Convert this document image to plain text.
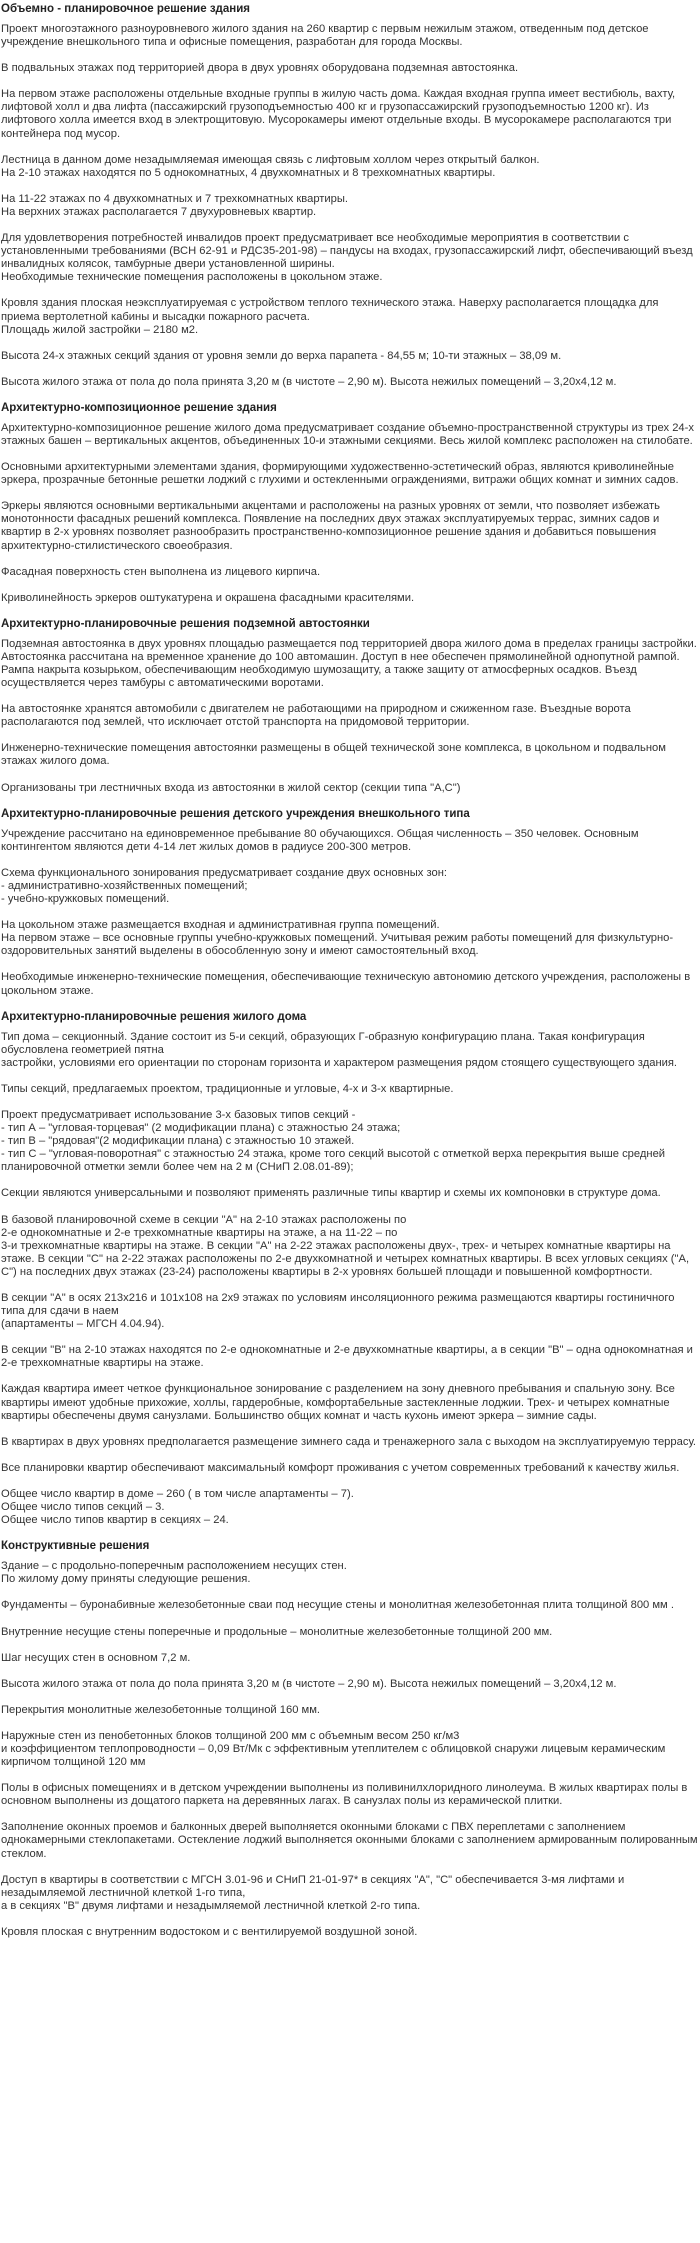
Объемно - планировочное решение здания

Проект многоэтажного разноуровневого жилого здания на 260 квартир с первым нежилым этажом, отведенным под детское учреждение внешкольного типа и офисные помещения, разработан для города Москвы.

В подвальных этажах под территорией двора в двух уровнях оборудована подземная автостоянка.

На первом этаже расположены отдельные входные группы в жилую часть дома. Каждая входная группа имеет вестибюль, вахту, лифтовой холл и два лифта (пассажирский грузоподъемностью 400 кг и грузопассажирский грузоподъемностью 1200 кг). Из лифтового холла имеется вход в электрощитовую. Мусорокамеры имеют отдельные входы. В мусорокамере располагаются три контейнера под мусор.

Лестница в данном доме незадымляемая имеющая связь с лифтовым холлом через открытый балкон.
На 2-10 этажах находятся по 5 однокомнатных, 4 двухкомнатных и 8 трехкомнатных квартиры.

На 11-22 этажах по 4 двухкомнатных и 7 трехкомнатных квартиры.
На верхних этажах располагается 7 двухуровневых квартир.

Для удовлетворения потребностей инвалидов проект предусматривает все необходимые мероприятия в соответствии с установленными требованиями (ВСН 62-91 и РДС35-201-98) – пандусы на входах, грузопассажирский лифт, обеспечивающий въезд инвалидных колясок, тамбурные двери установленной ширины.
Необходимые технические помещения расположены в цокольном этаже.

Кровля здания плоская неэксплуатируемая с устройством теплого технического этажа. Наверху располагается площадка для приема вертолетной кабины и высадки пожарного расчета.
Площадь жилой застройки – 2180 м2.

Высота 24-х этажных секций здания от уровня земли до верха парапета - 84,55 м; 10-ти этажных – 38,09 м.

Высота жилого этажа от пола до пола принята 3,20 м (в чистоте – 2,90 м). Высота нежилых помещений – 3,20х4,12 м.

Архитектурно-композиционное решение здания

Архитектурно-композиционное решение жилого дома предусматривает создание объемно-пространственной структуры из трех 24-х этажных башен – вертикальных акцентов, объединенных 10-и этажными секциями. Весь жилой комплекс расположен на стилобате.

Основными архитектурными элементами здания, формирующими художественно-эстетический образ, являются криволинейные эркера, прозрачные бетонные решетки лоджий с глухими и остекленными ограждениями, витражи общих комнат и зимних садов.

Эркеры являются основными вертикальными акцентами и расположены на разных уровнях от земли, что позволяет избежать монотонности фасадных решений комплекса. Появление на последних двух этажах эксплуатируемых террас, зимних садов и квартир в 2-х уровнях позволяет разнообразить пространственно-композиционное решение здания и добавиться повышения архитектурно-стилистического своеобразия.

Фасадная поверхность стен выполнена из лицевого кирпича.

Криволинейность эркеров оштукатурена и окрашена фасадными красителями.

Архитектурно-планировочные решения подземной автостоянки

Подземная автостоянка в двух уровнях площадью размещается под территорией двора жилого дома в пределах границы застройки. Автостоянка рассчитана на временное хранение до 100 автомашин. Доступ в нее обеспечен прямолинейной однопутной рампой.
Рампа накрыта козырьком, обеспечивающим необходимую шумозащиту, а также защиту от атмосферных осадков. Въезд осуществляется через тамбуры с автоматическими воротами.

На автостоянке хранятся автомобили с двигателем не работающими на природном и сжиженном газе. Въездные ворота располагаются под землей, что исключает отстой транспорта на придомовой территории.

Инженерно-технические помещения автостоянки размещены в общей технической зоне комплекса, в цокольном и подвальном этажах жилого дома.

Организованы три лестничных входа из автостоянки в жилой сектор (секции типа "А,С")

Архитектурно-планировочные решения детского учреждения внешкольного типа

Учреждение рассчитано на единовременное пребывание 80 обучающихся. Общая численность – 350 человек. Основным контингентом являются дети 4-14 лет жилых домов в радиусе 200-300 метров.

Схема функционального зонирования предусматривает создание двух основных зон:
- административно-хозяйственных помещений;
- учебно-кружковых помещений.

На цокольном этаже размещается входная и административная группа помещений.
На первом этаже – все основные группы учебно-кружковых помещений. Учитывая режим работы помещений для физкультурно-оздоровительных занятий выделены в обособленную зону и имеют самостоятельный вход.

Необходимые инженерно-технические помещения, обеспечивающие техническую автономию детского учреждения, расположены в цокольном этаже.

Архитектурно-планировочные решения жилого дома

Тип дома – секционный. Здание состоит из 5-и секций, образующих Г-образную конфигурацию плана. Такая конфигурация обусловлена геометрией пятна
застройки, условиями его ориентации по сторонам горизонта и характером размещения рядом стоящего существующего здания.

Типы секций, предлагаемых проектом, традиционные и угловые, 4-х и 3-х квартирные.

Проект предусматривает использование 3-х базовых типов секций -
- тип А – "угловая-торцевая" (2 модификации плана) с этажностью 24 этажа;
- тип В – "рядовая"(2 модификации плана) с этажностью 10 этажей.
- тип С – "угловая-поворотная" с этажностью 24 этажа, кроме того секций высотой с отметкой верха перекрытия выше средней планировочной отметки земли более чем на 2 м (СНиП 2.08.01-89);

Секции являются универсальными и позволяют применять различные типы квартир и схемы их компоновки в структуре дома.

В базовой планировочной схеме в секции "А" на 2-10 этажах расположены по
2-е однокомнатные и 2-е трехкомнатные квартиры на этаже, а на 11-22 – по
3-и трехкомнатные квартиры на этаже. В секции "А" на 2-22 этажах расположены двух-, трех- и четырех комнатные квартиры на этаже. В секции "С" на 2-22 этажах расположены по 2-е двухкомнатной и четырех комнатных квартиры. В всех угловых секциях ("А, С") на последних двух этажах (23-24) расположены квартиры в 2-х уровнях большей площади и повышенной комфортности.

В секции "А" в осях 213х216 и 101х108 на 2х9 этажах по условиям инсоляционного режима размещаются квартиры гостиничного типа для сдачи в наем
(апартаменты – МГСН 4.04.94).

В секции "В" на 2-10 этажах находятся по 2-е однокомнатные и 2-е двухкомнатные квартиры, а в секции "В" – одна однокомнатная и 2-е трехкомнатные квартиры на этаже.

Каждая квартира имеет четкое функциональное зонирование с разделением на зону дневного пребывания и спальную зону. Все квартиры имеют удобные прихожие, холлы, гардеробные, комфортабельные застекленные лоджии. Трех- и четырех комнатные квартиры обеспечены двумя санузлами. Большинство общих комнат и часть кухонь имеют эркера – зимние сады.

В квартирах в двух уровнях предполагается размещение зимнего сада и тренажерного зала с выходом на эксплуатируемую террасу.

Все планировки квартир обеспечивают максимальный комфорт проживания с учетом современных требований к качеству жилья.

Общее число квартир в доме – 260 ( в том числе апартаменты – 7).
Общее число типов секций – 3.
Общее число типов квартир в секциях – 24.

Конструктивные решения

Здание – с продольно-поперечным расположением несущих стен.
По жилому дому приняты следующие решения.

Фундаменты – буронабивные железобетонные сваи под несущие стены и монолитная железобетонная плита толщиной 800 мм .

Внутренние несущие стены поперечные и продольные – монолитные железобетонные толщиной 200 мм.

Шаг несущих стен в основном 7,2 м.

Высота жилого этажа от пола до пола принята 3,20 м (в чистоте – 2,90 м). Высота нежилых помещений – 3,20х4,12 м.

Перекрытия монолитные железобетонные толщиной 160 мм.

Наружные стен из пенобетонных блоков толщиной 200 мм с объемным весом 250 кг/м3
и коэффициентом теплопроводности – 0,09 Вт/Мк с эффективным утеплителем с облицовкой снаружи лицевым керамическим кирпичом толщиной 120 мм

Полы в офисных помещениях и в детском учреждении выполнены из поливинилхлоридного линолеума. В жилых квартирах полы в основном выполнены из дощатого паркета на деревянных лагах. В санузлах полы из керамической плитки.

Заполнение оконных проемов и балконных дверей выполняется оконными блоками с ПВХ переплетами с заполнением однокамерными стеклопакетами. Остекление лоджий выполняется оконными блоками с заполнением армированным полированным стеклом.

Доступ в квартиры в соответствии с МГСН 3.01-96 и СНиП 21-01-97* в секциях "А", "С" обеспечивается 3-мя лифтами и незадымляемой лестничной клеткой 1-го типа,
а в секциях "В" двумя лифтами и незадымляемой лестничной клеткой 2-го типа.

Кровля плоская с внутренним водостоком и с вентилируемой воздушной зоной.
